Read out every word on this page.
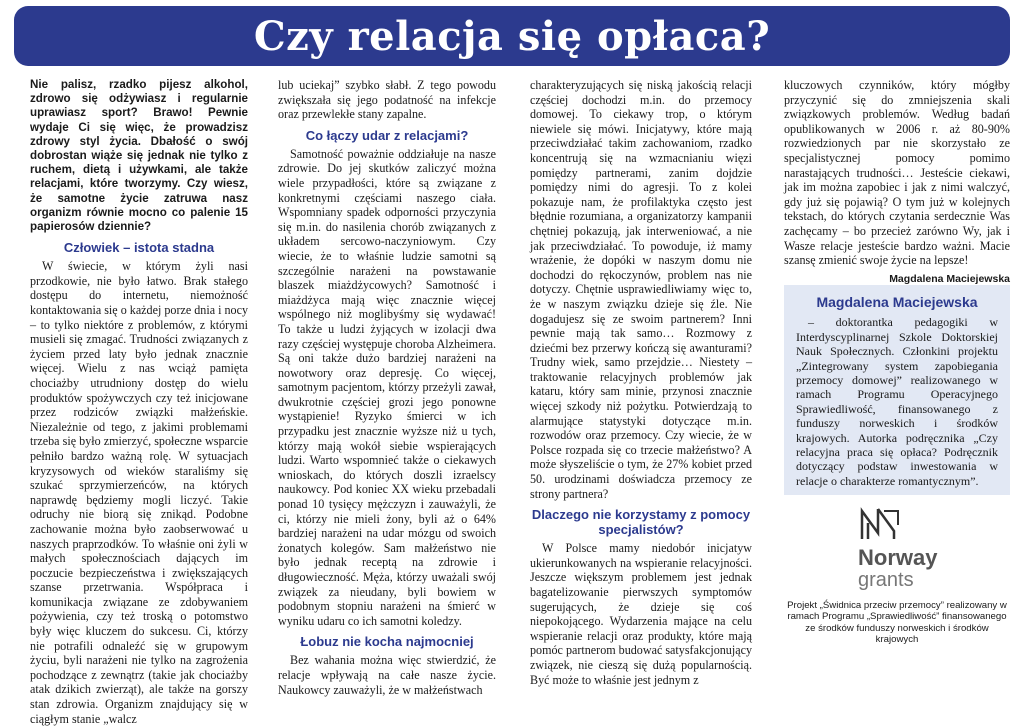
Czy relacja się opłaca?

Nie palisz, rzadko pijesz alkohol, zdrowo się odżywiasz i regularnie uprawiasz sport? Brawo! Pewnie wydaje Ci się więc, że prowadzisz zdrowy styl życia. Dbałość o swój dobrostan wiąże się jednak nie tylko z ruchem, dietą i używkami, ale także relacjami, które tworzymy. Czy wiesz, że samotne życie zatruwa nasz organizm równie mocno co palenie 15 papierosów dziennie?

Człowiek – istota stadna

W świecie, w którym żyli nasi przodkowie, nie było łatwo. Brak stałego dostępu do internetu, niemożność kontaktowania się o każdej porze dnia i nocy – to tylko niektóre z problemów, z którymi musieli się zmagać. Trudności związanych z życiem przed laty było jednak znacznie więcej. Wielu z nas wciąż pamięta chociażby utrudniony dostęp do wielu produktów spożywczych czy też inicjowane przez rodziców związki małżeńskie. Niezależnie od tego, z jakimi problemami trzeba się było zmierzyć, społeczne wsparcie pełniło bardzo ważną rolę. W sytuacjach kryzysowych od wieków staraliśmy się szukać sprzymierzeńców, na których naprawdę będziemy mogli liczyć. Takie odruchy nie biorą się znikąd. Podobne zachowanie można było zaobserwować u naszych praprzodków. To właśnie oni żyli w małych społecznościach dających im poczucie bezpieczeństwa i zwiększających szanse przetrwania. Współpraca i komunikacja związane ze zdobywaniem pożywienia, czy też troską o potomstwo były więc kluczem do sukcesu. Ci, którzy nie potrafili odnaleźć się w grupowym życiu, byli narażeni nie tylko na zagrożenia pochodzące z zewnątrz (takie jak chociażby atak dzikich zwierząt), ale także na gorszy stan zdrowia. Organizm znajdujący się w ciągłym stanie „walcz

lub uciekaj” szybko słabł. Z tego powodu zwiększała się jego podatność na infekcje oraz przewlekłe stany zapalne.

Co łączy udar z relacjami?

Samotność poważnie oddziałuje na nasze zdrowie. Do jej skutków zaliczyć można wiele przypadłości, które są związane z konkretnymi częściami naszego ciała. Wspomniany spadek odporności przyczynia się m.in. do nasilenia chorób związanych z układem sercowo-naczyniowym. Czy wiecie, że to właśnie ludzie samotni są szczególnie narażeni na powstawanie blaszek miażdżycowych? Samotność i miażdżyca mają więc znacznie więcej wspólnego niż moglibyśmy się wydawać! To także u ludzi żyjących w izolacji dwa razy częściej występuje choroba Alzheimera. Są oni także dużo bardziej narażeni na nowotwory oraz depresję. Co więcej, samotnym pacjentom, którzy przeżyli zawał, dwukrotnie częściej grozi jego ponowne wystąpienie! Ryzyko śmierci w ich przypadku jest znacznie wyższe niż u tych, którzy mają wokół siebie wspierających ludzi. Warto wspomnieć także o ciekawych wnioskach, do których doszli izraelscy naukowcy. Pod koniec XX wieku przebadali ponad 10 tysięcy mężczyzn i zauważyli, że ci, którzy nie mieli żony, byli aż o 64% bardziej narażeni na udar mózgu od swoich żonatych kolegów. Sam małżeństwo nie było jednak receptą na zdrowie i długowieczność. Męża, którzy uważali swój związek za nieudany, byli bowiem w podobnym stopniu narażeni na śmierć w wyniku udaru co ich samotni koledzy.

Łobuz nie kocha najmocniej

Bez wahania można więc stwierdzić, że relacje wpływają na całe nasze życie. Naukowcy zauważyli, że w małżeństwach

charakteryzujących się niską jakością relacji częściej dochodzi m.in. do przemocy domowej. To ciekawy trop, o którym niewiele się mówi. Inicjatywy, które mają przeciwdziałać takim zachowaniom, rzadko koncentrują się na wzmacnianiu więzi pomiędzy partnerami, zanim dojdzie pomiędzy nimi do agresji. To z kolei pokazuje nam, że profilaktyka często jest błędnie rozumiana, a organizatorzy kampanii chętniej pokazują, jak interweniować, a nie jak przeciwdziałać. To powoduje, iż mamy wrażenie, że dopóki w naszym domu nie dochodzi do rękoczynów, problem nas nie dotyczy. Chętnie usprawiedliwiamy więc to, że w naszym związku dzieje się źle. Nie dogadujesz się ze swoim partnerem? Inni pewnie mają tak samo… Rozmowy z dziećmi bez przerwy kończą się awanturami? Trudny wiek, samo przejdzie… Niestety – traktowanie relacyjnych problemów jak kataru, który sam minie, przynosi znacznie więcej szkody niż pożytku. Potwierdzają to alarmujące statystyki dotyczące m.in. rozwodów oraz przemocy. Czy wiecie, że w Polsce rozpada się co trzecie małżeństwo? A może słyszeliście o tym, że 27% kobiet przed 50. urodzinami doświadcza przemocy ze strony partnera?

Dlaczego nie korzystamy z pomocy specjalistów?

W Polsce mamy niedobór inicjatyw ukierunkowanych na wspieranie relacyjności. Jeszcze większym problemem jest jednak bagatelizowanie pierwszych symptomów sugerujących, że dzieje się coś niepokojącego. Wydarzenia mające na celu wspieranie relacji oraz produkty, które mają pomóc partnerom budować satysfakcjonujący związek, nie cieszą się dużą popularnością. Być może to właśnie jest jednym z

kluczowych czynników, który mógłby przyczynić się do zmniejszenia skali związkowych problemów. Według badań opublikowanych w 2006 r. aż 80-90% rozwiedzionych par nie skorzystało ze specjalistycznej pomocy pomimo narastających trudności… Jesteście ciekawi, jak im można zapobiec i jak z nimi walczyć, gdy już się pojawią? O tym już w kolejnych tekstach, do których czytania serdecznie Was zachęcamy – bo przecież zarówno Wy, jak i Wasze relacje jesteście bardzo ważni. Macie szansę zmienić swoje życie na lepsze!

Magdalena Maciejewska
Magdalena Maciejewska

– doktorantka pedagogiki w Interdyscyplinarnej Szkole Doktorskiej Nauk Społecznych. Członkini projektu „Zintegrowany system zapobiegania przemocy domowej” realizowanego w ramach Programu Operacyjnego Sprawiedliwość, finansowanego z funduszy norweskich i środków krajowych. Autorka podręcznika „Czy relacyjna praca się opłaca? Podręcznik dotyczący podstaw inwestowania w relacje o charakterze romantycznym”.

Norway
grants
Projekt „Świdnica przeciw przemocy” realizowany w ramach Programu „Sprawiedliwość” finansowanego ze środków funduszy norweskich i środków krajowych
